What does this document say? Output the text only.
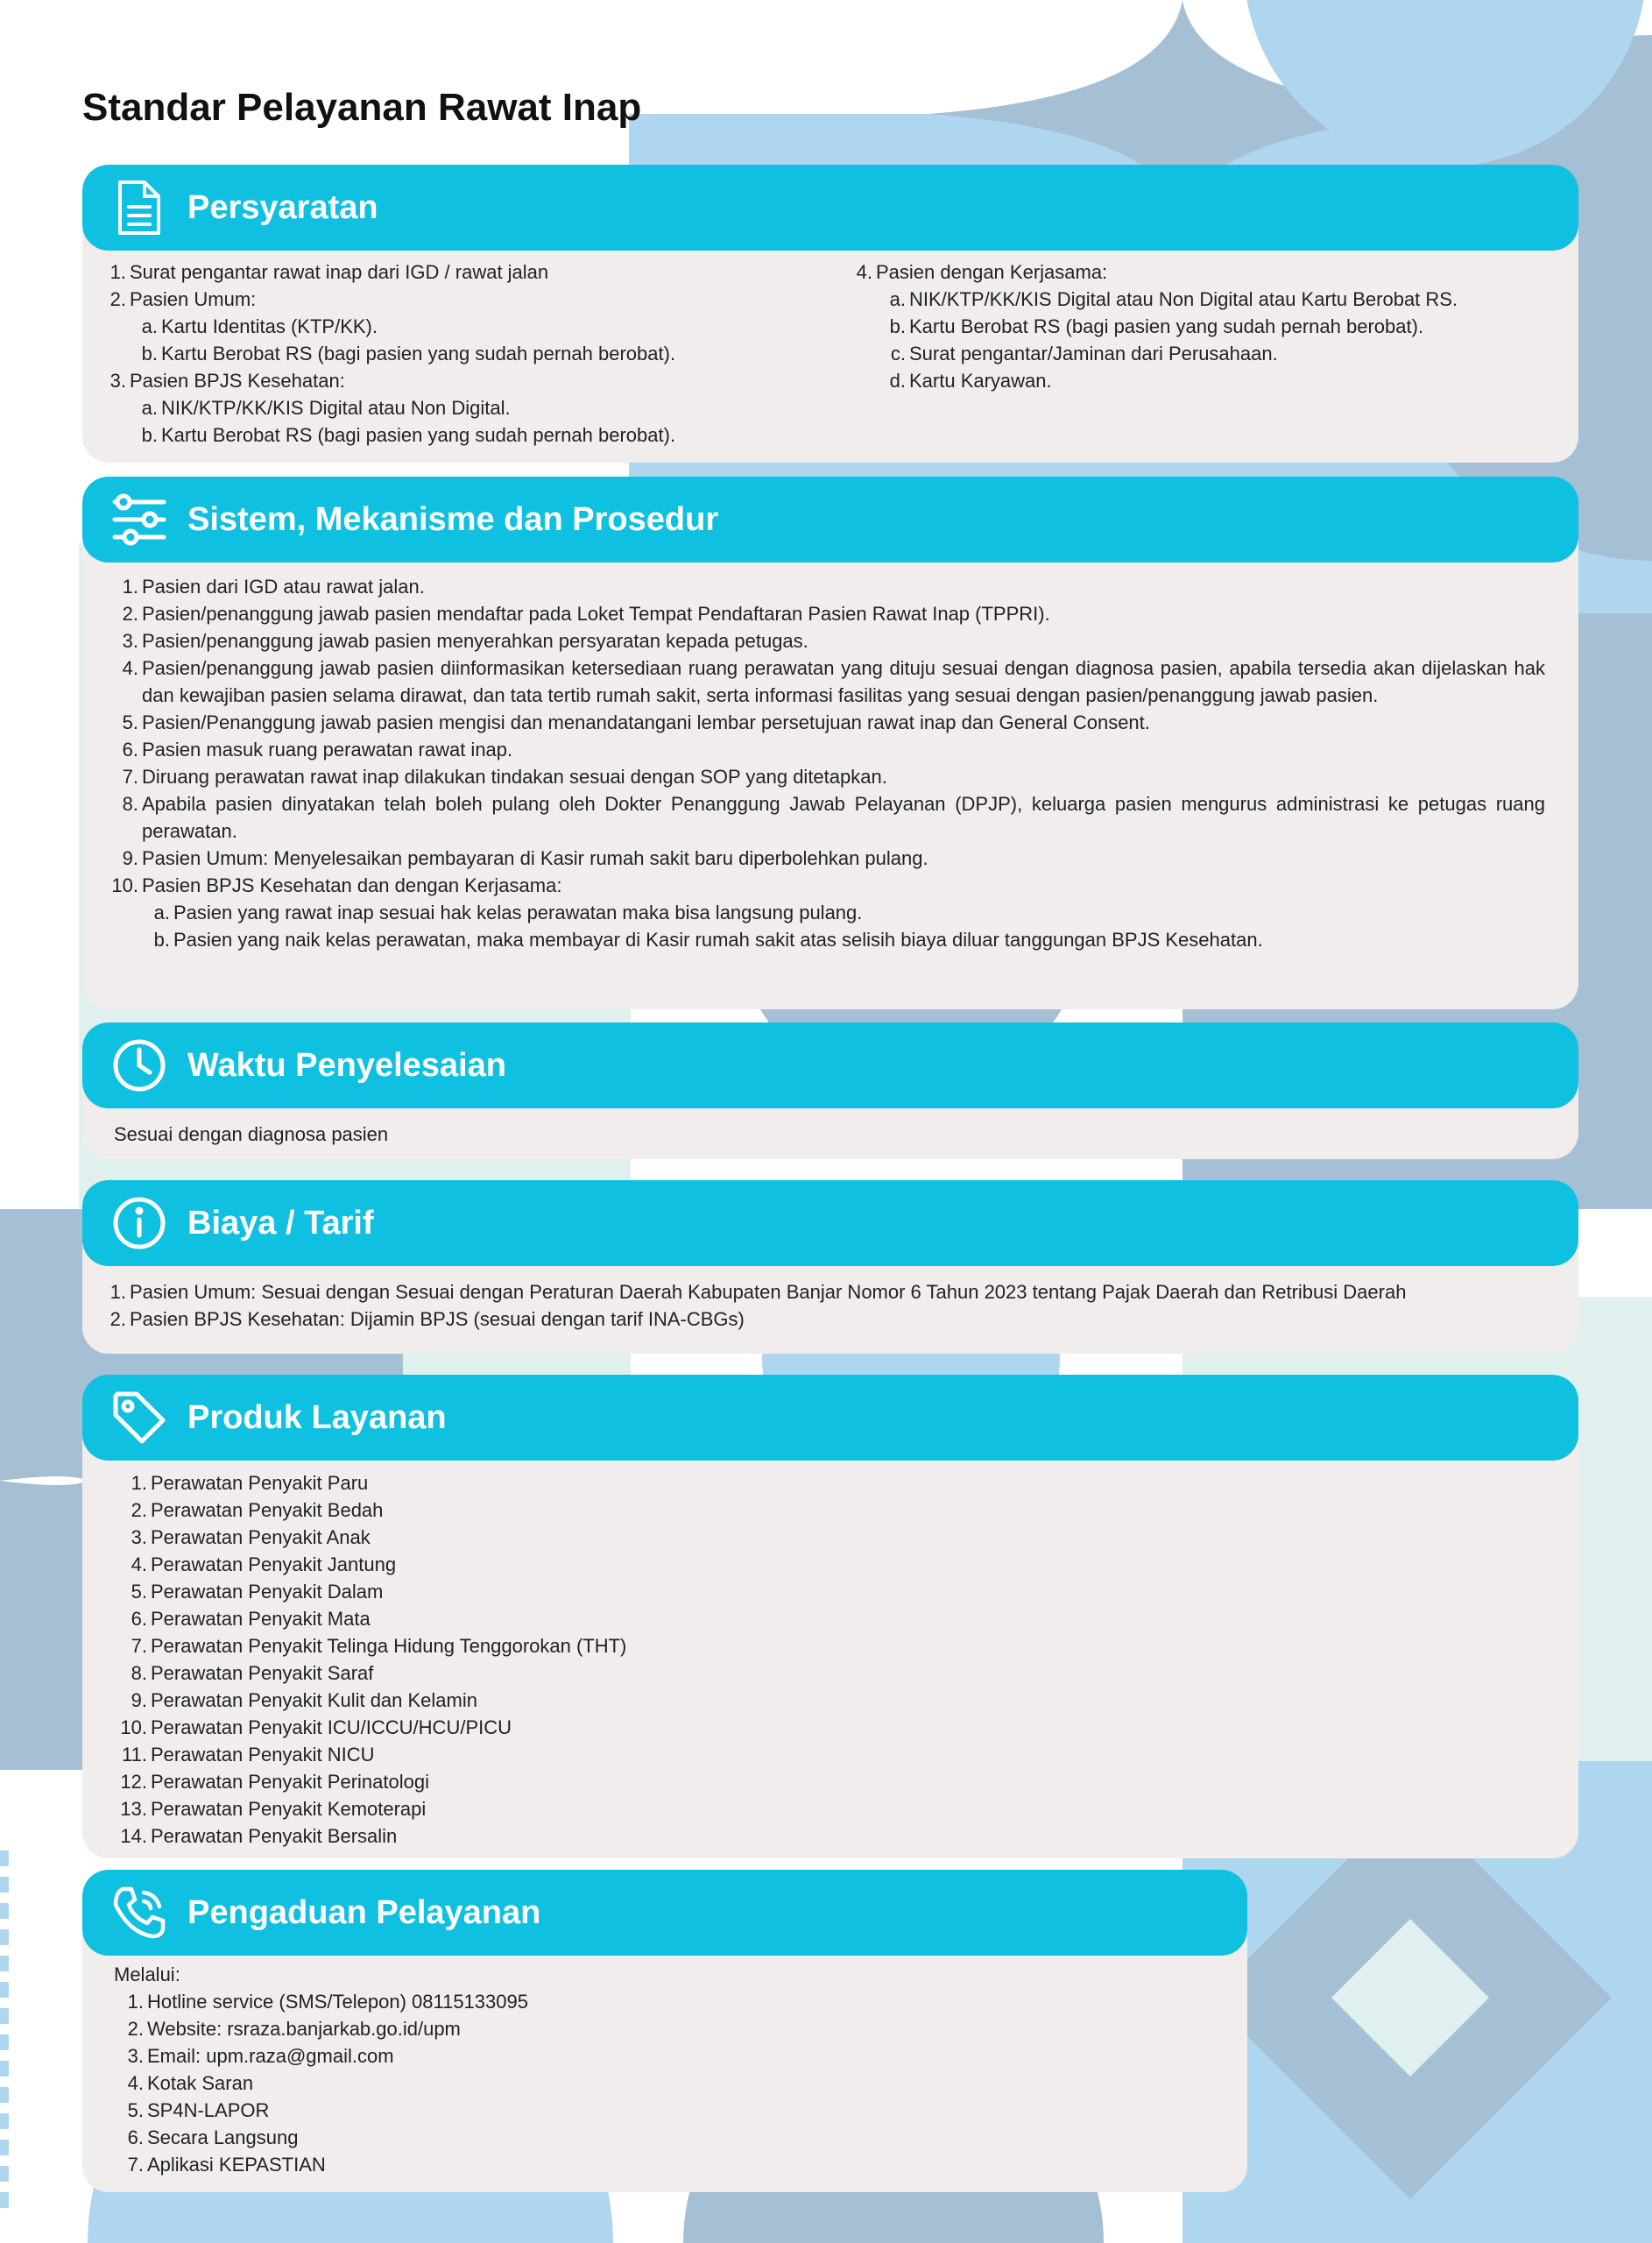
Standar Pelayanan Rawat Inap
Persyaratan
1. Surat pengantar rawat inap dari IGD / rawat jalan
2. Pasien Umum:
a. Kartu Identitas (KTP/KK).
b. Kartu Berobat RS (bagi pasien yang sudah pernah berobat).
3. Pasien BPJS Kesehatan:
a. NIK/KTP/KK/KIS Digital atau Non Digital.
b. Kartu Berobat RS (bagi pasien yang sudah pernah berobat).
4. Pasien dengan Kerjasama:
a. NIK/KTP/KK/KIS Digital atau Non Digital atau Kartu Berobat RS.
b. Kartu Berobat RS (bagi pasien yang sudah pernah berobat).
c. Surat pengantar/Jaminan dari Perusahaan.
d. Kartu Karyawan.
Sistem, Mekanisme dan Prosedur
1. Pasien dari IGD atau rawat jalan.
2. Pasien/penanggung jawab pasien mendaftar pada Loket Tempat Pendaftaran Pasien Rawat Inap (TPPRI).
3. Pasien/penanggung jawab pasien menyerahkan persyaratan kepada petugas.
4. Pasien/penanggung jawab pasien diinformasikan ketersediaan ruang perawatan yang dituju sesuai dengan diagnosa pasien, apabila tersedia akan dijelaskan hak dan kewajiban pasien selama dirawat, dan tata tertib rumah sakit, serta informasi fasilitas yang sesuai dengan pasien/penanggung jawab pasien.
5. Pasien/Penanggung jawab pasien mengisi dan menandatangani lembar persetujuan rawat inap dan General Consent.
6. Pasien masuk ruang perawatan rawat inap.
7. Diruang perawatan rawat inap dilakukan tindakan sesuai dengan SOP yang ditetapkan.
8. Apabila pasien dinyatakan telah boleh pulang oleh Dokter Penanggung Jawab Pelayanan (DPJP), keluarga pasien mengurus administrasi ke petugas ruang perawatan.
9. Pasien Umum: Menyelesaikan pembayaran di Kasir rumah sakit baru diperbolehkan pulang.
10. Pasien BPJS Kesehatan dan dengan Kerjasama:
a. Pasien yang rawat inap sesuai hak kelas perawatan maka bisa langsung pulang.
b. Pasien yang naik kelas perawatan, maka membayar di Kasir rumah sakit atas selisih biaya diluar tanggungan BPJS Kesehatan.
Waktu Penyelesaian
Sesuai dengan diagnosa pasien
Biaya / Tarif
1. Pasien Umum: Sesuai dengan Sesuai dengan Peraturan Daerah Kabupaten Banjar Nomor 6 Tahun 2023 tentang Pajak Daerah dan Retribusi Daerah
2. Pasien BPJS Kesehatan: Dijamin BPJS (sesuai dengan tarif INA-CBGs)
Produk Layanan
1. Perawatan Penyakit Paru
2. Perawatan Penyakit Bedah
3. Perawatan Penyakit Anak
4. Perawatan Penyakit Jantung
5. Perawatan Penyakit Dalam
6. Perawatan Penyakit Mata
7. Perawatan Penyakit Telinga Hidung Tenggorokan (THT)
8. Perawatan Penyakit Saraf
9. Perawatan Penyakit Kulit dan Kelamin
10. Perawatan Penyakit ICU/ICCU/HCU/PICU
11. Perawatan Penyakit NICU
12. Perawatan Penyakit Perinatologi
13. Perawatan Penyakit Kemoterapi
14. Perawatan Penyakit Bersalin
Pengaduan Pelayanan
Melalui:
1. Hotline service (SMS/Telepon) 08115133095
2. Website: rsraza.banjarkab.go.id/upm
3. Email: upm.raza@gmail.com
4. Kotak Saran
5. SP4N-LAPOR
6. Secara Langsung
7. Aplikasi KEPASTIAN
